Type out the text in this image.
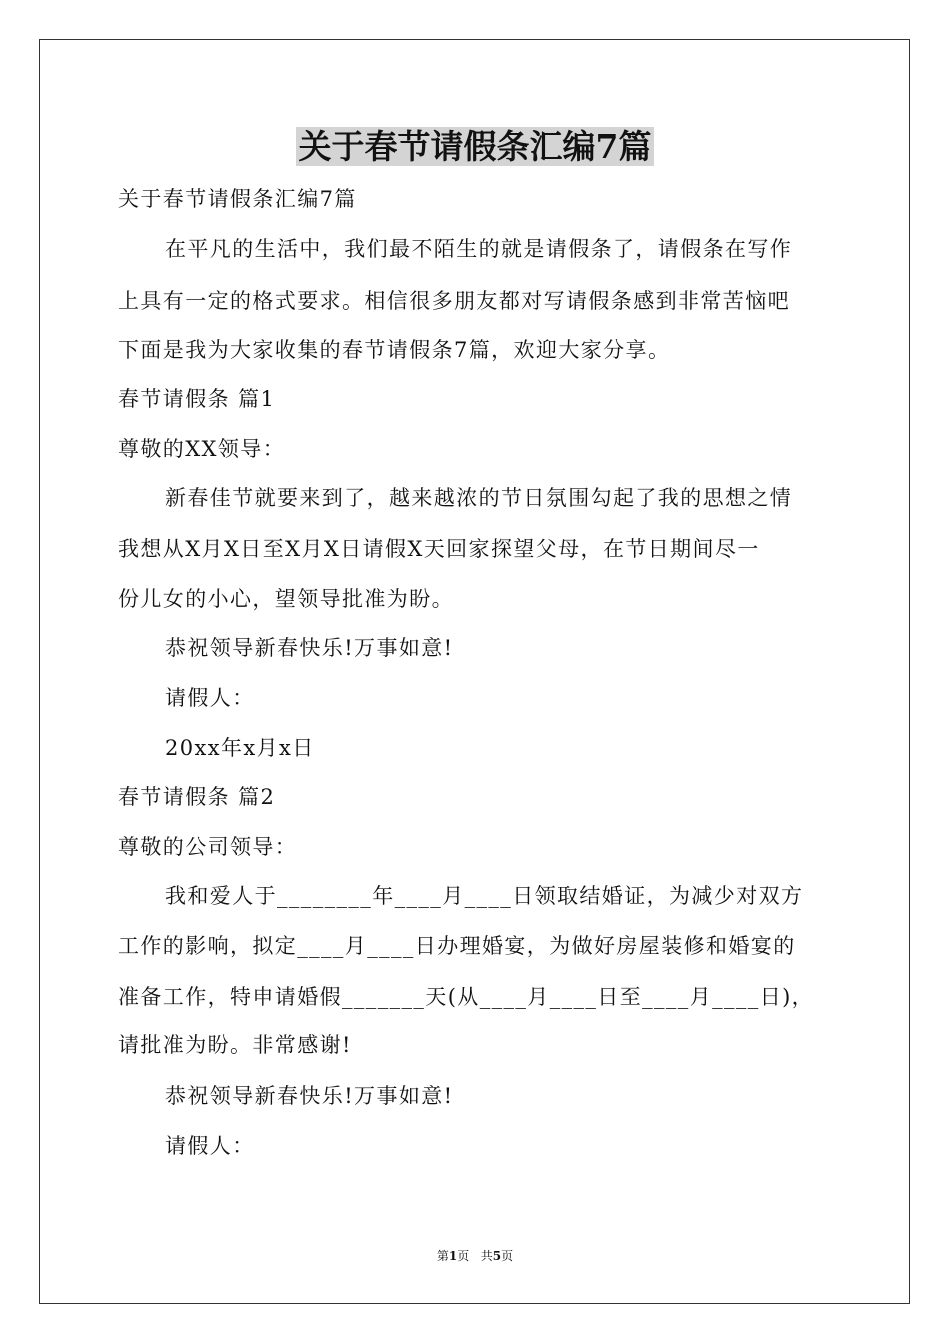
关于春节请假条汇编7篇
关于春节请假条汇编7篇
在平凡的生活中，我们最不陌生的就是请假条了，请假条在写作
上具有一定的格式要求。相信很多朋友都对写请假条感到非常苦恼吧
下面是我为大家收集的春节请假条7篇，欢迎大家分享。
春节请假条 篇1
尊敬的XX领导：
新春佳节就要来到了，越来越浓的节日氛围勾起了我的思想之情
我想从X月X日至X月X日请假X天回家探望父母，在节日期间尽一
份儿女的小心，望领导批准为盼。
恭祝领导新春快乐!万事如意!
请假人：
20xx年x月x日
春节请假条 篇2
尊敬的公司领导：
我和爱人于________年____月____日领取结婚证，为减少对双方
工作的影响，拟定____月____日办理婚宴，为做好房屋装修和婚宴的
准备工作，特申请婚假_______天(从____月____日至____月____日)，
请批准为盼。非常感谢!
恭祝领导新春快乐!万事如意!
请假人：
第1页 共5页
